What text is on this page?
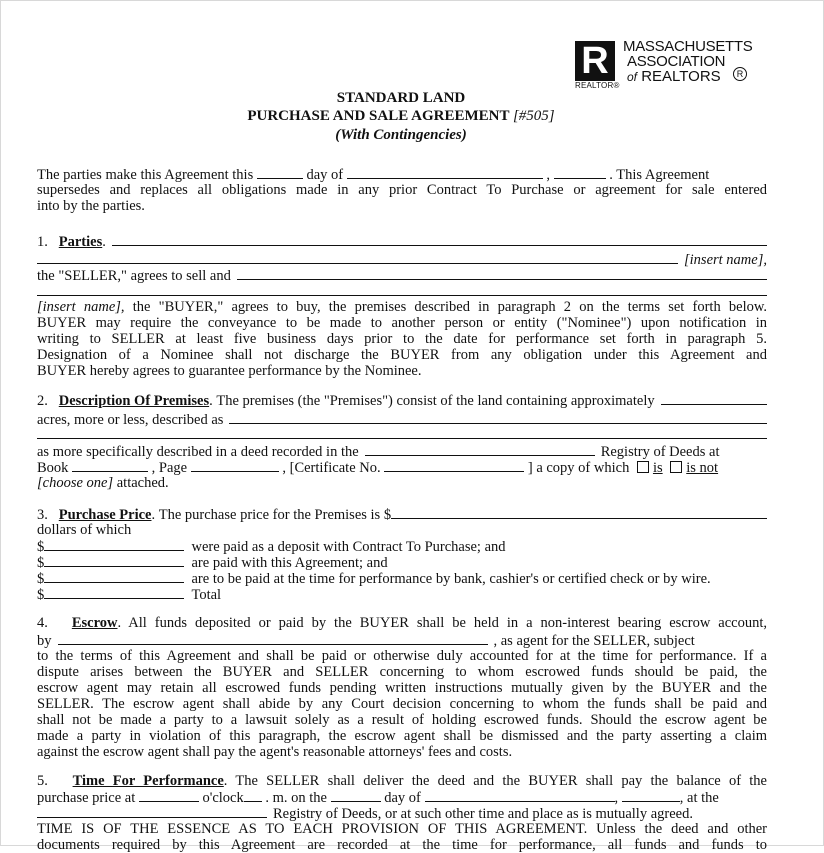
R
REALTOR®
MASSACHUSETTS
ASSOCIATION
of REALTORS	R
STANDARD LAND
PURCHASE AND SALE AGREEMENT [#505]
(With Contingencies)
The parties make this Agreement this	day of	,	. This Agreement
supersedes and replaces all obligations made in any prior Contract To Purchase or agreement for sale entered
into by the parties.
1.
Parties .
[insert name],
the "SELLER," agrees to sell and
[insert name], the "BUYER," agrees to buy, the premises described in paragraph 2 on the terms set forth below.
BUYER may require the conveyance to be made to another person or entity ("Nominee") upon notification in
writing to SELLER at least five business days prior to the date for performance set forth in paragraph 5.
Designation of a Nominee shall not discharge the BUYER from any obligation under this Agreement and
BUYER hereby agrees to guarantee performance by the Nominee.
2.
Description Of Premises .
The premises (the "Premises") consist of the land containing approximately
acres, more or less, described as
as more specifically described in a deed recorded in the	Registry of Deeds at
Book	, Page	, [Certificate No.	] a copy of which is is not
[choose one] attached.
3.
Purchase Price .
The purchase price for the Premises is $
dollars of which
$	were paid as a deposit with Contract To Purchase; and
$	are paid with this Agreement; and
$	are to be paid at the time for performance by bank, cashier's or certified check or by wire.
$	Total
4. Escrow. All funds deposited or paid by the BUYER shall be held in a non-interest bearing escrow account,
by	, as agent for the SELLER, subject
to the terms of this Agreement and shall be paid or otherwise duly accounted for at the time for performance. If a
dispute arises between the BUYER and SELLER concerning to whom escrowed funds should be paid, the
escrow agent may retain all escrowed funds pending written instructions mutually given by the BUYER and the
SELLER. The escrow agent shall abide by any Court decision concerning to whom the funds shall be paid and
shall not be made a party to a lawsuit solely as a result of holding escrowed funds. Should the escrow agent be
made a party in violation of this paragraph, the escrow agent shall be dismissed and the party asserting a claim
against the escrow agent shall pay the agent's reasonable attorneys' fees and costs.
5. Time For Performance. The SELLER shall deliver the deed and the BUYER shall pay the balance of the
purchase price at	o'clock . m. on the	day of	,	, at the
Registry of Deeds, or at such other time and place as is mutually agreed.
TIME IS OF THE ESSENCE AS TO EACH PROVISION OF THIS AGREEMENT. Unless the deed and other
documents required by this Agreement are recorded at the time for performance, all funds and funds to
